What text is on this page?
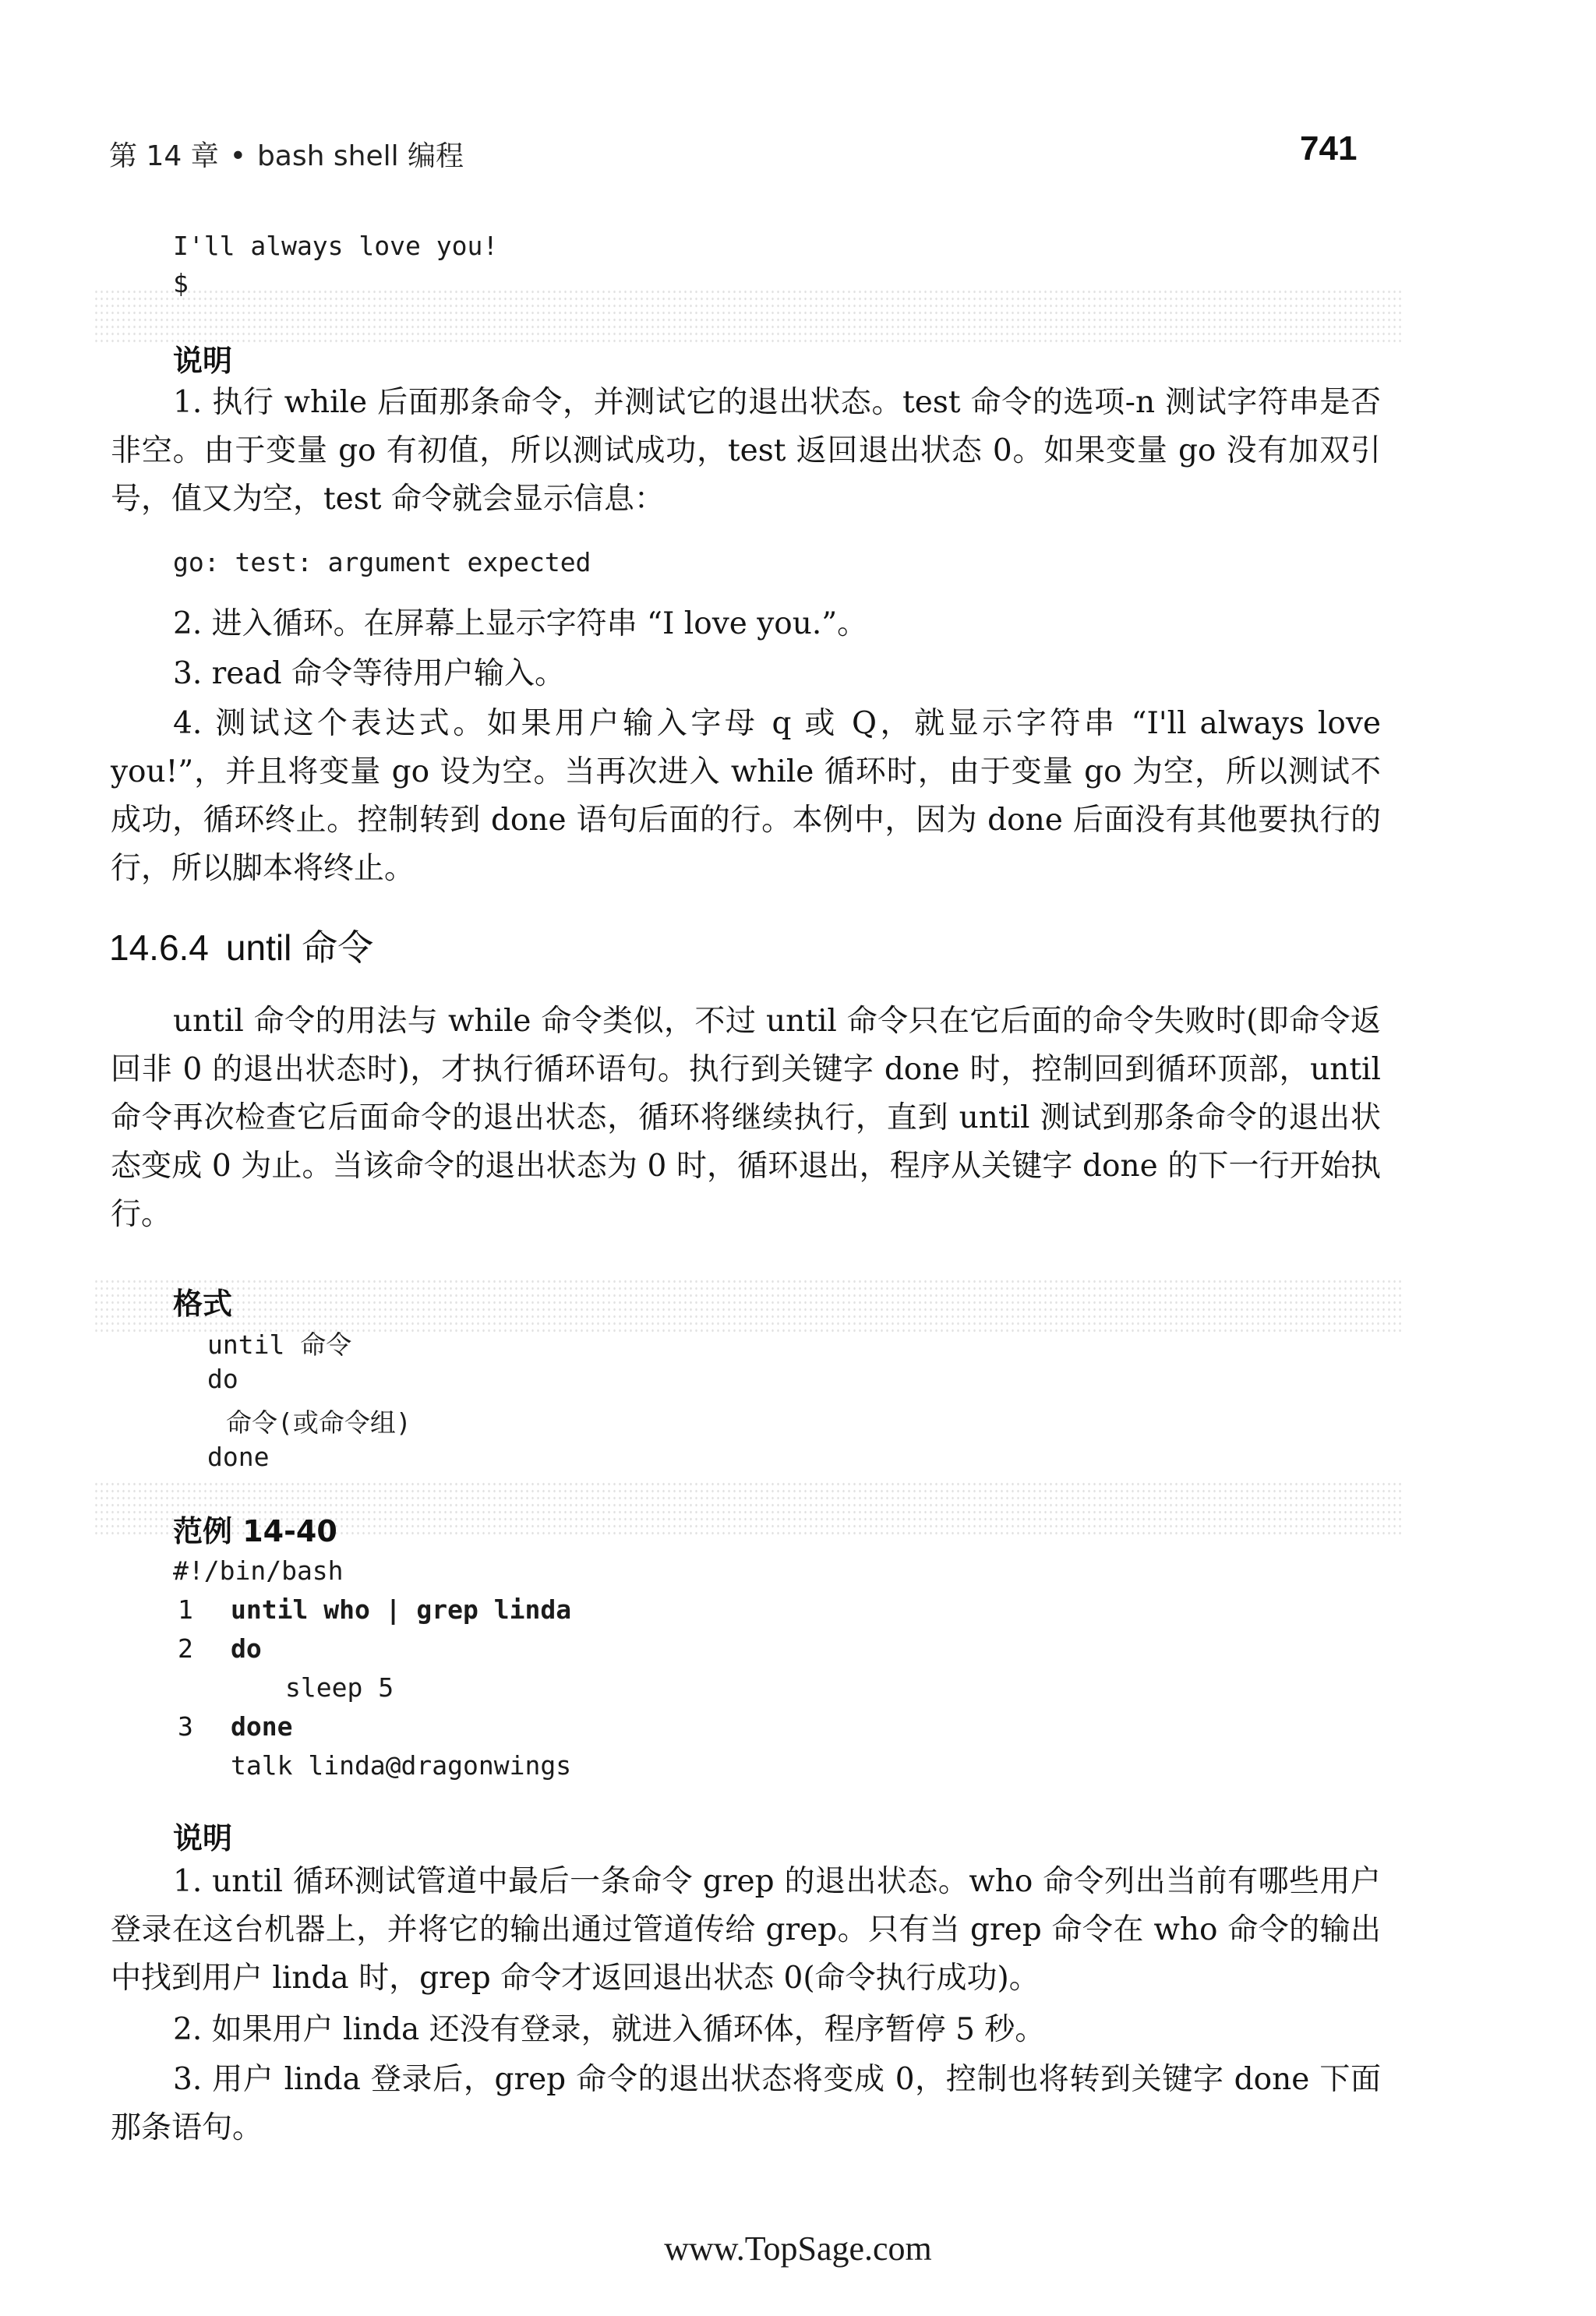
第 14 章 • bash shell 编程	741
I'll always love you!
$
说明
1. 执行 while 后面那条命令，并测试它的退出状态。test 命令的选项-n 测试字符串是否非空。由于变量 go 有初值，所以测试成功，test 返回退出状态 0。如果变量 go 没有加双引号，值又为空，test 命令就会显示信息：
go: test: argument expected
2. 进入循环。在屏幕上显示字符串 “I love you.”。
3. read 命令等待用户输入。
4. 测试这个表达式。如果用户输入字母 q 或 Q，就显示字符串 “I'll always love you!”，并且将变量 go 设为空。当再次进入 while 循环时，由于变量 go 为空，所以测试不成功，循环终止。控制转到 done 语句后面的行。本例中，因为 done 后面没有其他要执行的行，所以脚本将终止。
14.6.4 until 命令
until 命令的用法与 while 命令类似，不过 until 命令只在它后面的命令失败时(即命令返回非 0 的退出状态时)，才执行循环语句。执行到关键字 done 时，控制回到循环顶部，until 命令再次检查它后面命令的退出状态，循环将继续执行，直到 until 测试到那条命令的退出状态变成 0 为止。当该命令的退出状态为 0 时，循环退出，程序从关键字 done 的下一行开始执行。
格式
until 命令
do
命令(或命令组)
done
范例 14-40
#!/bin/bash
1 until who | grep linda
2 do
sleep 5
3 done
talk linda@dragonwings
说明
1. until 循环测试管道中最后一条命令 grep 的退出状态。who 命令列出当前有哪些用户登录在这台机器上，并将它的输出通过管道传给 grep。只有当 grep 命令在 who 命令的输出中找到用户 linda 时，grep 命令才返回退出状态 0(命令执行成功)。
2. 如果用户 linda 还没有登录，就进入循环体，程序暂停 5 秒。
3. 用户 linda 登录后，grep 命令的退出状态将变成 0，控制也将转到关键字 done 下面那条语句。
www.TopSage.com
